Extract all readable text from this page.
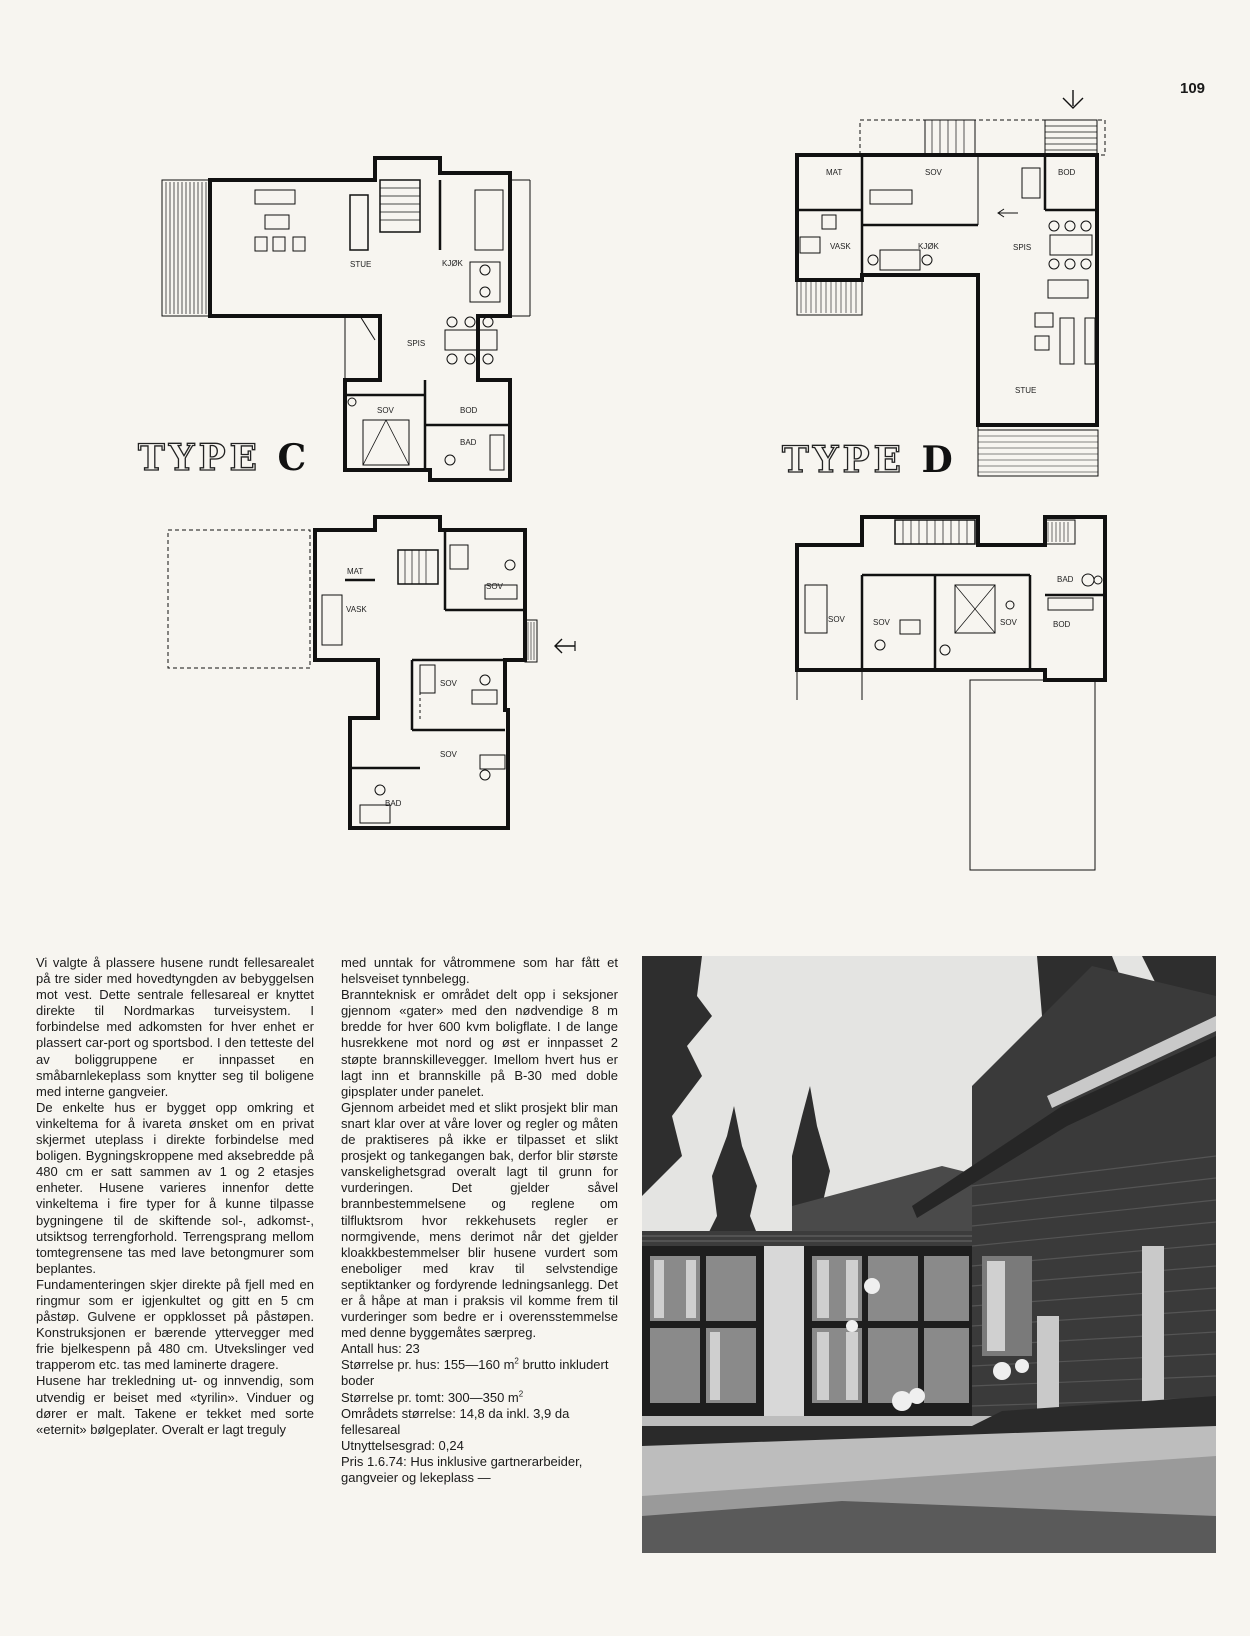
109
STUE	KJØK
SPIS
SOV	BOD
BAD
MAT
VASK
SOV
SOV
SOV
BAD
MAT	SOV	BOD
VASK	KJØK	SPIS
STUE
BAD
SOV	SOV	SOV	BOD
TYPE C	TYPE D

Vi valgte å plassere husene rundt fellesarealet på tre sider med hovedtyngden av bebyggelsen mot vest. Dette sentrale fellesareal er knyttet direkte til Nordmarkas turveisystem. I forbindelse med adkomsten for hver enhet er plassert car-port og sportsbod. I den tetteste del av boliggruppene er innpasset en småbarnlekeplass som knytter seg til boligene med interne gangveier.

De enkelte hus er bygget opp omkring et vinkeltema for å ivareta ønsket om en privat skjermet uteplass i direkte forbindelse med boligen. Bygningskroppene med aksebredde på 480 cm er satt sammen av 1 og 2 etasjes enheter. Husene varieres innenfor dette vinkeltema i fire typer for å kunne tilpasse bygningene til de skiftende sol-, adkomst-, utsiktsog terrengforhold. Terrengsprang mellom tomtegrensene tas med lave betongmurer som beplantes.

Fundamenteringen skjer direkte på fjell med en ringmur som er igjenkultet og gitt en 5 cm påstøp. Gulvene er oppklosset på påstøpen. Konstruksjonen er bærende yttervegger med frie bjelkespenn på 480 cm. Utvekslinger ved trapperom etc. tas med laminerte dragere.

Husene har trekledning ut- og innvendig, som utvendig er beiset med «tyrilin». Vinduer og dører er malt. Takene er tekket med sorte «eternit» bølgeplater. Overalt er lagt treguly

med unntak for våtrommene som har fått et helsveiset tynnbelegg.

Brannteknisk er området delt opp i seksjoner gjennom «gater» med den nødvendige 8 m bredde for hver 600 kvm boligflate. I de lange husrekkene mot nord og øst er innpasset 2 støpte brannskillevegger. Imellom hvert hus er lagt inn et brannskille på B-30 med doble gipsplater under panelet.

Gjennom arbeidet med et slikt prosjekt blir man snart klar over at våre lover og regler og måten de praktiseres på ikke er tilpasset et slikt prosjekt og tankegangen bak, derfor blir største vanskelighetsgrad overalt lagt til grunn for vurderingen. Det gjelder såvel brannbestemmelsene og reglene om tilfluktsrom hvor rekkehusets regler er normgivende, mens derimot når det gjelder kloakkbestemmelser blir husene vurdert som eneboliger med krav til selvstendige septiktanker og fordyrende ledningsanlegg. Det er å håpe at man i praksis vil komme frem til vurderinger som bedre er i overensstemmelse med denne byggemåtes særpreg.

Antall hus: 23

Størrelse pr. hus: 155—160 $m^2$ brutto inkludert boder

Størrelse pr. tomt: 300—350 $m^2$

Områdets størrelse: 14,8 da inkl. 3,9 da fellesareal

Utnyttelsesgrad: 0,24

Pris 1.6.74: Hus inklusive gartnerarbeider, gangveier og lekeplass —
